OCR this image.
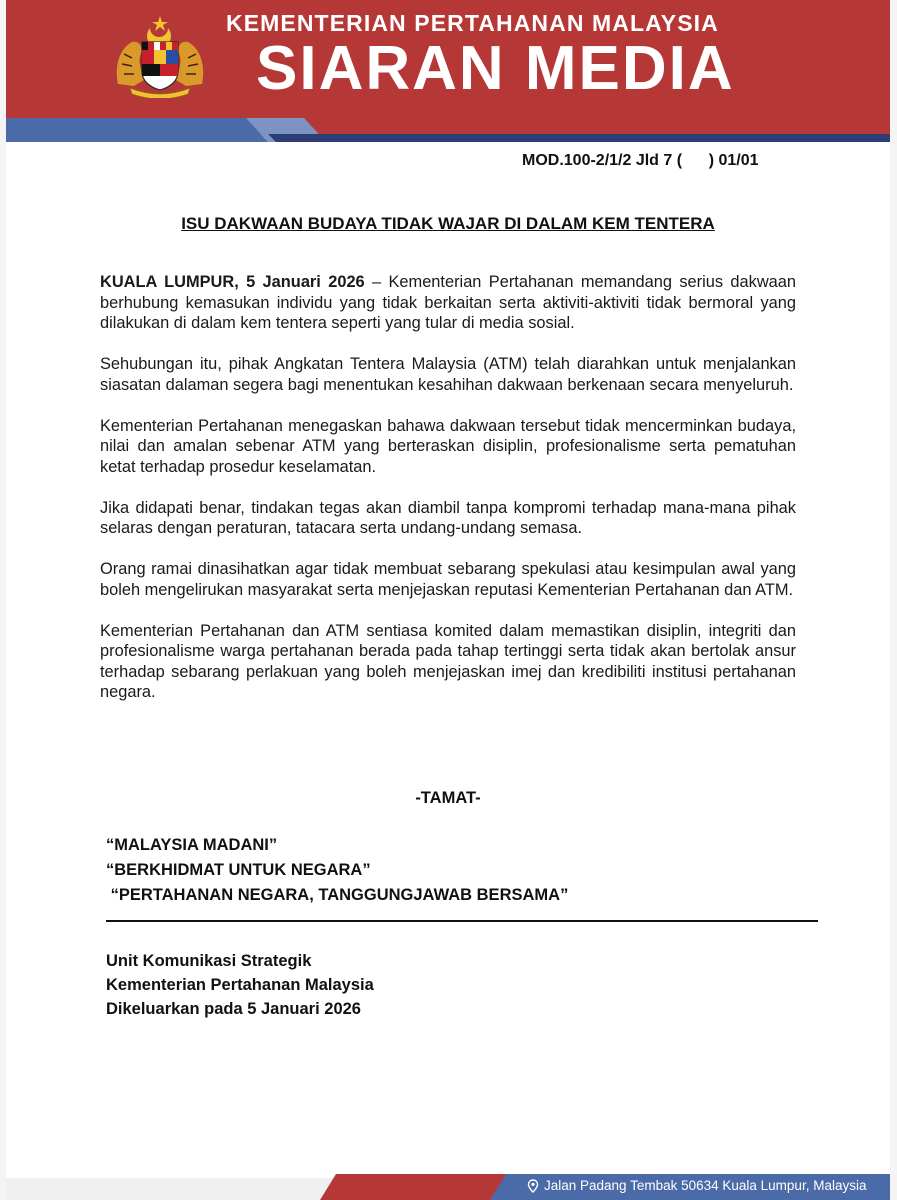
KEMENTERIAN PERTAHANAN MALAYSIA
SIARAN MEDIA
MOD.100-2/1/2 Jld 7 (      ) 01/01
ISU DAKWAAN BUDAYA TIDAK WAJAR DI DALAM KEM TENTERA

KUALA LUMPUR, 5 Januari 2026 – Kementerian Pertahanan memandang serius dakwaan berhubung kemasukan individu yang tidak berkaitan serta aktiviti-aktiviti tidak bermoral yang dilakukan di dalam kem tentera seperti yang tular di media sosial.

Sehubungan itu, pihak Angkatan Tentera Malaysia (ATM) telah diarahkan untuk menjalankan siasatan dalaman segera bagi menentukan kesahihan dakwaan berkenaan secara menyeluruh.

Kementerian Pertahanan menegaskan bahawa dakwaan tersebut tidak mencerminkan budaya, nilai dan amalan sebenar ATM yang berteraskan disiplin, profesionalisme serta pematuhan ketat terhadap prosedur keselamatan.

Jika didapati benar, tindakan tegas akan diambil tanpa kompromi terhadap mana-mana pihak selaras dengan peraturan, tatacara serta undang-undang semasa.

Orang ramai dinasihatkan agar tidak membuat sebarang spekulasi atau kesimpulan awal yang boleh mengelirukan masyarakat serta menjejaskan reputasi Kementerian Pertahanan dan ATM.

Kementerian Pertahanan dan ATM sentiasa komited dalam memastikan disiplin, integriti dan profesionalisme warga pertahanan berada pada tahap tertinggi serta tidak akan bertolak ansur terhadap sebarang perlakuan yang boleh menjejaskan imej dan kredibiliti institusi pertahanan negara.

-TAMAT-
“MALAYSIA MADANI”
“BERKHIDMAT UNTUK NEGARA”
“PERTAHANAN NEGARA, TANGGUNGJAWAB BERSAMA”
Unit Komunikasi Strategik
Kementerian Pertahanan Malaysia
Dikeluarkan pada 5 Januari 2026
Jalan Padang Tembak 50634 Kuala Lumpur, Malaysia
